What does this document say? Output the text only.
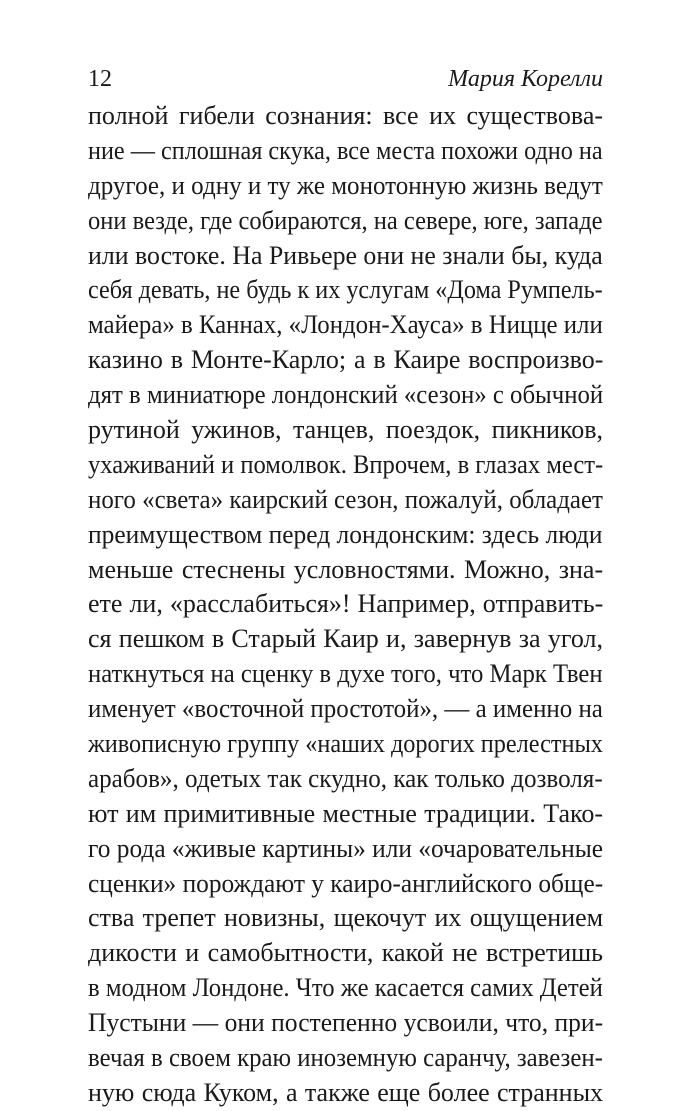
12	Мария Корелли
полной гибели сознания: все их существова-
ние — сплошная скука, все места похожи одно на
другое, и одну и ту же монотонную жизнь ведут
они везде, где собираются, на севере, юге, западе
или востоке. На Ривьере они не знали бы, куда
себя девать, не будь к их услугам «Дома Румпель-
майера» в Каннах, «Лондон-Хауса» в Ницце или
казино в Монте-Карло; а в Каире воспроизво-
дят в миниатюре лондонский «сезон» с обычной
рутиной ужинов, танцев, поездок, пикников,
ухаживаний и помолвок. Впрочем, в глазах мест-
ного «света» каирский сезон, пожалуй, обладает
преимуществом перед лондонским: здесь люди
меньше стеснены условностями. Можно, зна-
ете ли, «расслабиться»! Например, отправить-
ся пешком в Старый Каир и, завернув за угол,
наткнуться на сценку в духе того, что Марк Твен
именует «восточной простотой», — а именно на
живописную группу «наших дорогих прелестных
арабов», одетых так скудно, как только дозволя-
ют им примитивные местные традиции. Тако-
го рода «живые картины» или «очаровательные
сценки» порождают у каиро-английского обще-
ства трепет новизны, щекочут их ощущением
дикости и самобытности, какой не встретишь
в модном Лондоне. Что же касается самих Детей
Пустыни — они постепенно усвоили, что, при-
вечая в своем краю иноземную саранчу, завезен-
ную сюда Куком, а также еще более странных
